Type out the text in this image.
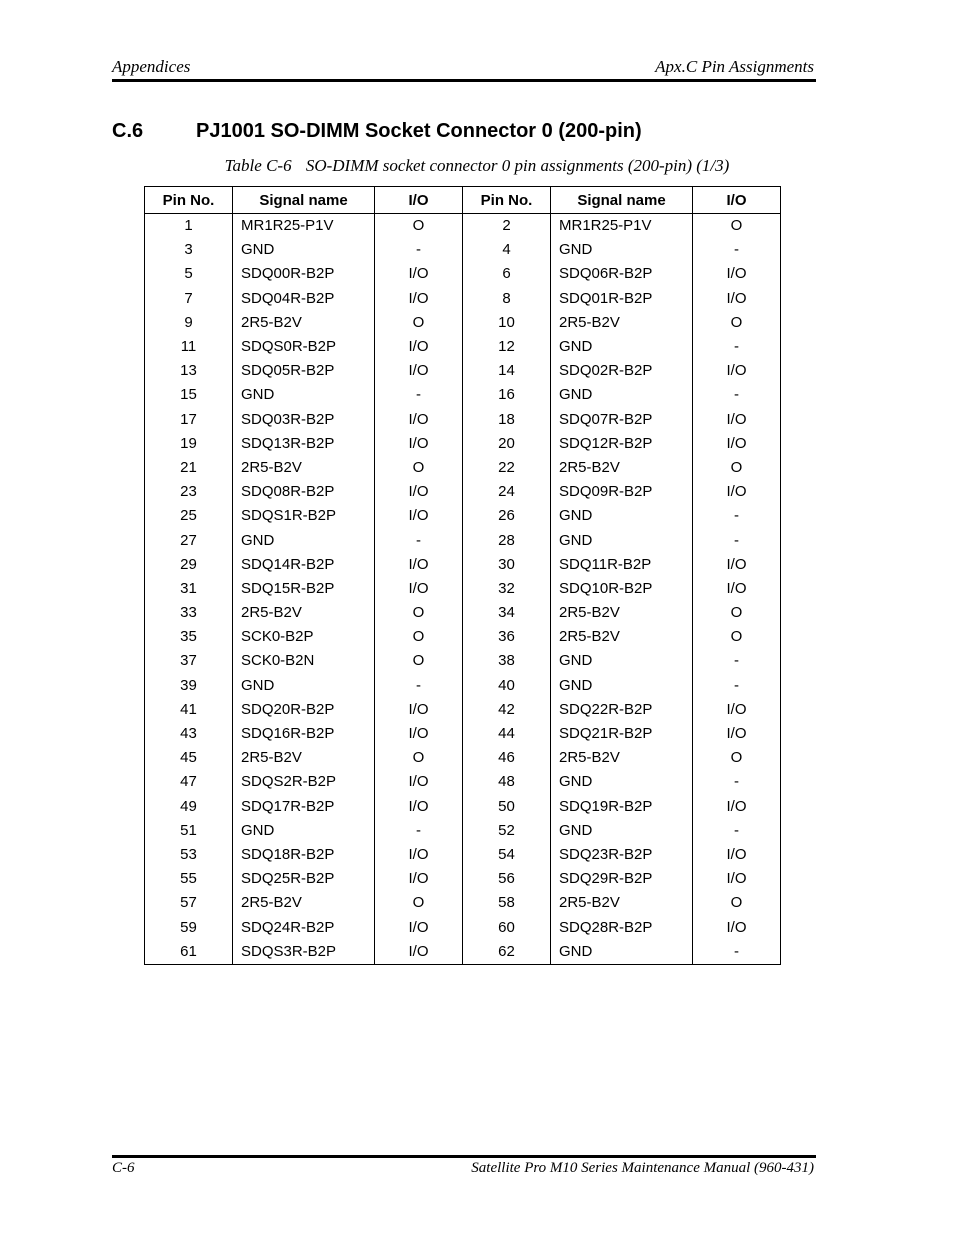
Appendices	Apx.C Pin Assignments
C.6	PJ1001 SO-DIMM Socket Connector 0 (200-pin)
Table C-6 SO-DIMM socket connector 0 pin assignments (200-pin) (1/3)
Pin No.	Signal name	I/O	Pin No.	Signal name	I/O
1	MR1R25-P1V	O	2	MR1R25-P1V	O
3	GND	-	4	GND	-
5	SDQ00R-B2P	I/O	6	SDQ06R-B2P	I/O
7	SDQ04R-B2P	I/O	8	SDQ01R-B2P	I/O
9	2R5-B2V	O	10	2R5-B2V	O
11	SDQS0R-B2P	I/O	12	GND	-
13	SDQ05R-B2P	I/O	14	SDQ02R-B2P	I/O
15	GND	-	16	GND	-
17	SDQ03R-B2P	I/O	18	SDQ07R-B2P	I/O
19	SDQ13R-B2P	I/O	20	SDQ12R-B2P	I/O
21	2R5-B2V	O	22	2R5-B2V	O
23	SDQ08R-B2P	I/O	24	SDQ09R-B2P	I/O
25	SDQS1R-B2P	I/O	26	GND	-
27	GND	-	28	GND	-
29	SDQ14R-B2P	I/O	30	SDQ11R-B2P	I/O
31	SDQ15R-B2P	I/O	32	SDQ10R-B2P	I/O
33	2R5-B2V	O	34	2R5-B2V	O
35	SCK0-B2P	O	36	2R5-B2V	O
37	SCK0-B2N	O	38	GND	-
39	GND	-	40	GND	-
41	SDQ20R-B2P	I/O	42	SDQ22R-B2P	I/O
43	SDQ16R-B2P	I/O	44	SDQ21R-B2P	I/O
45	2R5-B2V	O	46	2R5-B2V	O
47	SDQS2R-B2P	I/O	48	GND	-
49	SDQ17R-B2P	I/O	50	SDQ19R-B2P	I/O
51	GND	-	52	GND	-
53	SDQ18R-B2P	I/O	54	SDQ23R-B2P	I/O
55	SDQ25R-B2P	I/O	56	SDQ29R-B2P	I/O
57	2R5-B2V	O	58	2R5-B2V	O
59	SDQ24R-B2P	I/O	60	SDQ28R-B2P	I/O
61	SDQS3R-B2P	I/O	62	GND	-
C-6	Satellite Pro M10 Series Maintenance Manual (960-431)
